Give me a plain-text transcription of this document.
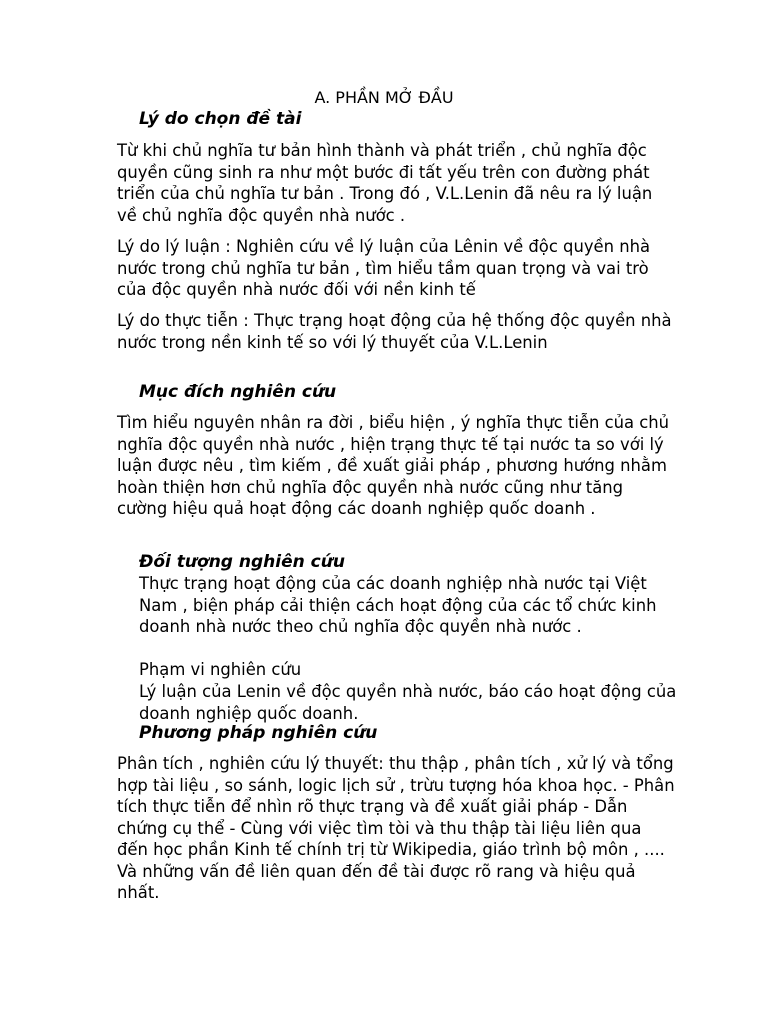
A. PHẦN MỞ ĐẦU
Lý do chọn đề tài
Từ khi chủ nghĩa tư bản hình thành và phát triển , chủ nghĩa độc quyền cũng sinh ra như một bước đi tất yếu trên con đường phát triển của chủ nghĩa tư bản . Trong đó , V.L.Lenin đã nêu ra lý luận về chủ nghĩa độc quyền nhà nước .
Lý do lý luận : Nghiên cứu về lý luận của Lênin về độc quyền nhà nước trong chủ nghĩa tư bản , tìm hiểu tầm quan trọng và vai trò của độc quyền nhà nước đối với nền kinh tế
Lý do thực tiễn : Thực trạng hoạt động của hệ thống độc quyền nhà nước trong nền kinh tế so với lý thuyết của V.L.Lenin
Mục đích nghiên cứu
Tìm hiểu nguyên nhân ra đời , biểu hiện , ý nghĩa thực tiễn của chủ nghĩa độc quyền nhà nước , hiện trạng thực tế tại nước ta so với lý luận được nêu , tìm kiếm , đề xuất giải pháp , phương hướng nhằm hoàn thiện hơn chủ nghĩa độc quyền nhà nước cũng như tăng cường hiệu quả hoạt động các doanh nghiệp quốc doanh .
Đối tượng nghiên cứu
Thực trạng hoạt động của các doanh nghiệp nhà nước tại Việt Nam , biện pháp cải thiện cách hoạt động của các tổ chức kinh doanh nhà nước theo chủ nghĩa độc quyền nhà nước .
Phạm vi nghiên cứu
Lý luận của Lenin về độc quyền nhà nước, báo cáo hoạt động của doanh nghiệp quốc doanh.
Phương pháp nghiên cứu
Phân tích , nghiên cứu lý thuyết: thu thập , phân tích , xử lý và tổng hợp tài liệu , so sánh, logic lịch sử , trừu tượng hóa khoa học. - Phân tích thực tiễn để nhìn rõ thực trạng và đề xuất giải pháp - Dẫn chứng cụ thể - Cùng với việc tìm tòi và thu thập tài liệu liên qua đến học phần Kinh tế chính trị từ Wikipedia, giáo trình bộ môn , .... Và những vấn đề liên quan đến đề tài được rõ rang và hiệu quả nhất.
